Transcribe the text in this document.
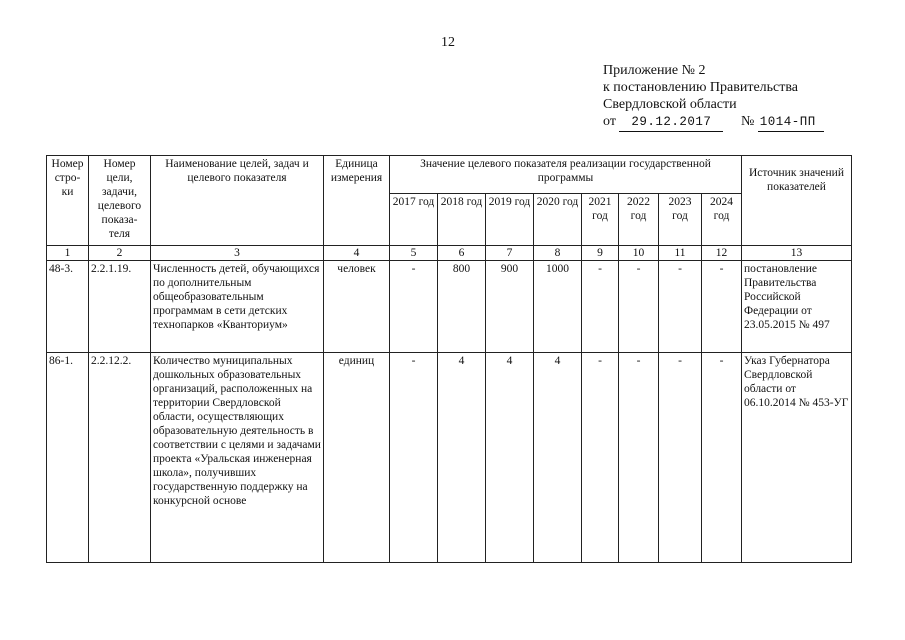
12
Приложение № 2
к постановлению Правительства
Свердловской области
от 29.12.2017 № 1014-ПП
Номер стро-ки	Номер цели, задачи, целевого показа-теля	Наименование целей, задач и целевого показателя	Единица измерения	Значение целевого показателя реализации государственной программы								Источник значений показателей
				2017 год	2018 год	2019 год	2020 год	2021 год	2022 год	2023 год	2024 год	
1	2	3	4	5	6	7	8	9	10	11	12	13
48-3.	2.2.1.19.	Численность детей, обучающихся по дополнительным общеобразовательным программам в сети детских технопарков «Кванториум»	человек	-	800	900	1000	-	-	-	-	постановление Правительства Российской Федерации от 23.05.2015 № 497
86-1.	2.2.12.2.	Количество муниципальных дошкольных образовательных организаций, расположенных на территории Свердловской области, осуществляющих образовательную деятельность в соответствии с целями и задачами проекта «Уральская инженерная школа», получивших государственную поддержку на конкурсной основе	единиц	-	4	4	4	-	-	-	-	Указ Губернатора Свердловской области от 06.10.2014 № 453-УГ
